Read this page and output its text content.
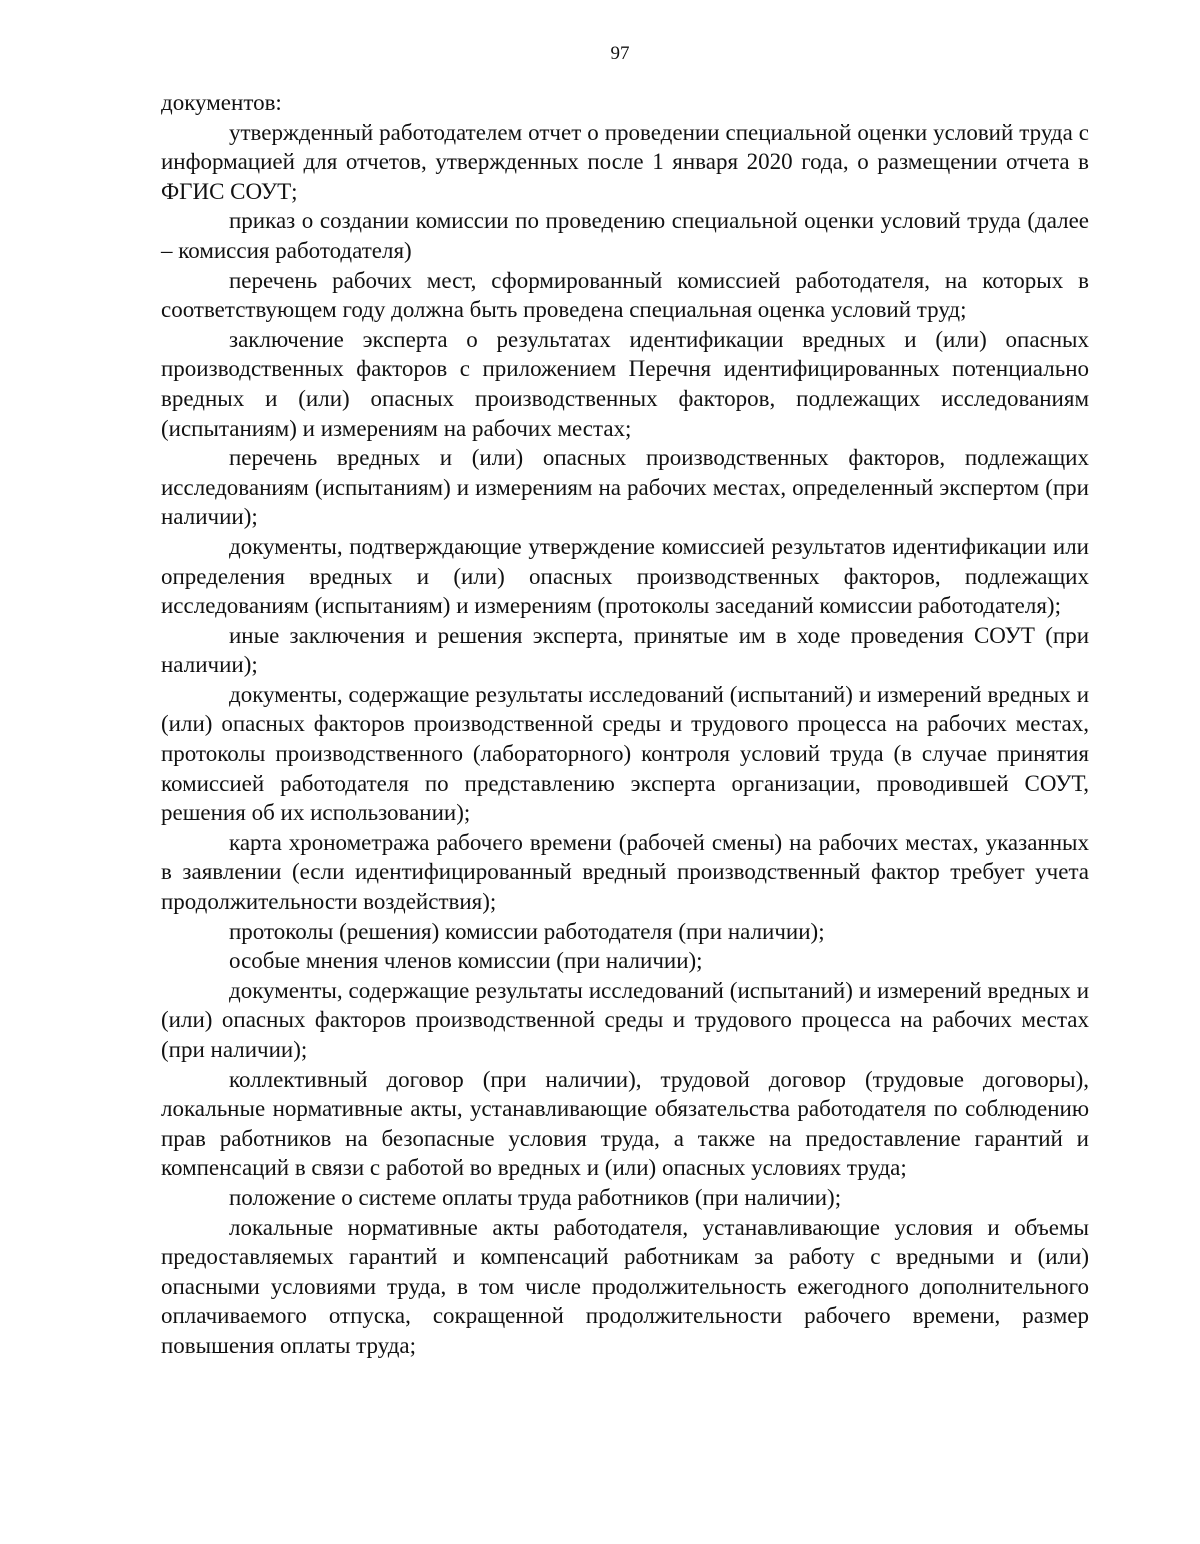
97

документов:

утвержденный работодателем отчет о проведении специальной оценки условий труда с информацией для отчетов, утвержденных после 1 января 2020 года, о размещении отчета в ФГИС СОУТ;

приказ о создании комиссии по проведению специальной оценки условий труда (далее – комиссия работодателя)

перечень рабочих мест, сформированный комиссией работодателя, на которых в соответствующем году должна быть проведена специальная оценка условий труд;

заключение эксперта о результатах идентификации вредных и (или) опасных производственных факторов с приложением Перечня идентифицированных потенциально вредных и (или) опасных производственных факторов, подлежащих исследованиям (испытаниям) и измерениям на рабочих местах;

перечень вредных и (или) опасных производственных факторов, подлежащих исследованиям (испытаниям) и измерениям на рабочих местах, определенный экспертом (при наличии);

документы, подтверждающие утверждение комиссией результатов идентификации или определения вредных и (или) опасных производственных факторов, подлежащих исследованиям (испытаниям) и измерениям (протоколы заседаний комиссии работодателя);

иные заключения и решения эксперта, принятые им в ходе проведения СОУТ (при наличии);

документы, содержащие результаты исследований (испытаний) и измерений вредных и (или) опасных факторов производственной среды и трудового процесса на рабочих местах, протоколы производственного (лабораторного) контроля условий труда (в случае принятия комиссией работодателя по представлению эксперта организации, проводившей СОУТ, решения об их использовании);

карта хронометража рабочего времени (рабочей смены) на рабочих местах, указанных в заявлении (если идентифицированный вредный производственный фактор требует учета продолжительности воздействия);

протоколы (решения) комиссии работодателя (при наличии);

особые мнения членов комиссии (при наличии);

документы, содержащие результаты исследований (испытаний) и измерений вредных и (или) опасных факторов производственной среды и трудового процесса на рабочих местах (при наличии);

коллективный договор (при наличии), трудовой договор (трудовые договоры), локальные нормативные акты, устанавливающие обязательства работодателя по соблюдению прав работников на безопасные условия труда, а также на предоставление гарантий и компенсаций в связи с работой во вредных и (или) опасных условиях труда;

положение о системе оплаты труда работников (при наличии);

локальные нормативные акты работодателя, устанавливающие условия и объемы предоставляемых гарантий и компенсаций работникам за работу с вредными и (или) опасными условиями труда, в том числе продолжительность ежегодного дополнительного оплачиваемого отпуска, сокращенной продолжительности рабочего времени, размер повышения оплаты труда;
